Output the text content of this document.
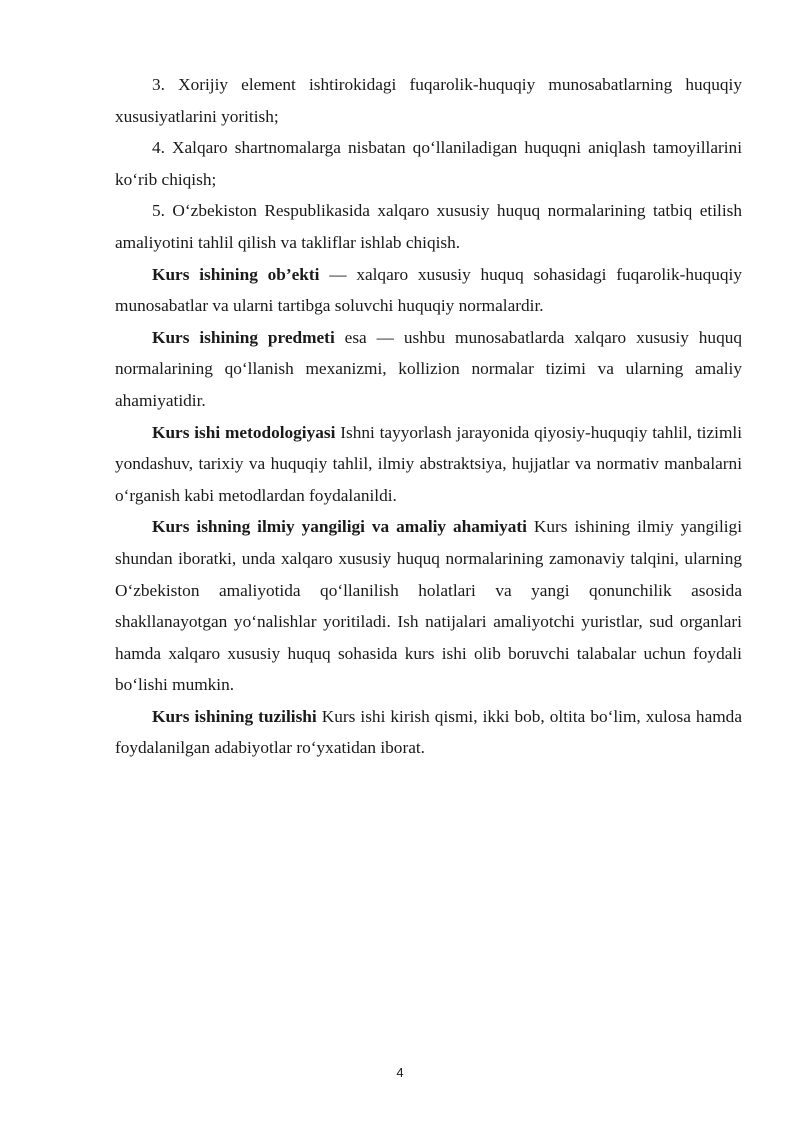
3. Xorijiy element ishtirokidagi fuqarolik-huquqiy munosabatlarning huquqiy xususiyatlarini yoritish;

4. Xalqaro shartnomalarga nisbatan qo‘llaniladigan huquqni aniqlash tamoyillarini ko‘rib chiqish;

5. O‘zbekiston Respublikasida xalqaro xususiy huquq normalarining tatbiq etilish amaliyotini tahlil qilish va takliflar ishlab chiqish.

Kurs ishining ob’ekti — xalqaro xususiy huquq sohasidagi fuqarolik-huquqiy munosabatlar va ularni tartibga soluvchi huquqiy normalardir.

Kurs ishining predmeti esa — ushbu munosabatlarda xalqaro xususiy huquq normalarining qo‘llanish mexanizmi, kollizion normalar tizimi va ularning amaliy ahamiyatidir.

Kurs ishi metodologiyasi Ishni tayyorlash jarayonida qiyosiy-huquqiy tahlil, tizimli yondashuv, tarixiy va huquqiy tahlil, ilmiy abstraktsiya, hujjatlar va normativ manbalarni o‘rganish kabi metodlardan foydalanildi.

Kurs ishning ilmiy yangiligi va amaliy ahamiyati Kurs ishining ilmiy yangiligi shundan iboratki, unda xalqaro xususiy huquq normalarining zamonaviy talqini, ularning O‘zbekiston amaliyotida qo‘llanilish holatlari va yangi qonunchilik asosida shakllanayotgan yo‘nalishlar yoritiladi. Ish natijalari amaliyotchi yuristlar, sud organlari hamda xalqaro xususiy huquq sohasida kurs ishi olib boruvchi talabalar uchun foydali bo‘lishi mumkin.

Kurs ishining tuzilishi Kurs ishi kirish qismi, ikki bob, oltita bo‘lim, xulosa hamda foydalanilgan adabiyotlar ro‘yxatidan iborat.

4
